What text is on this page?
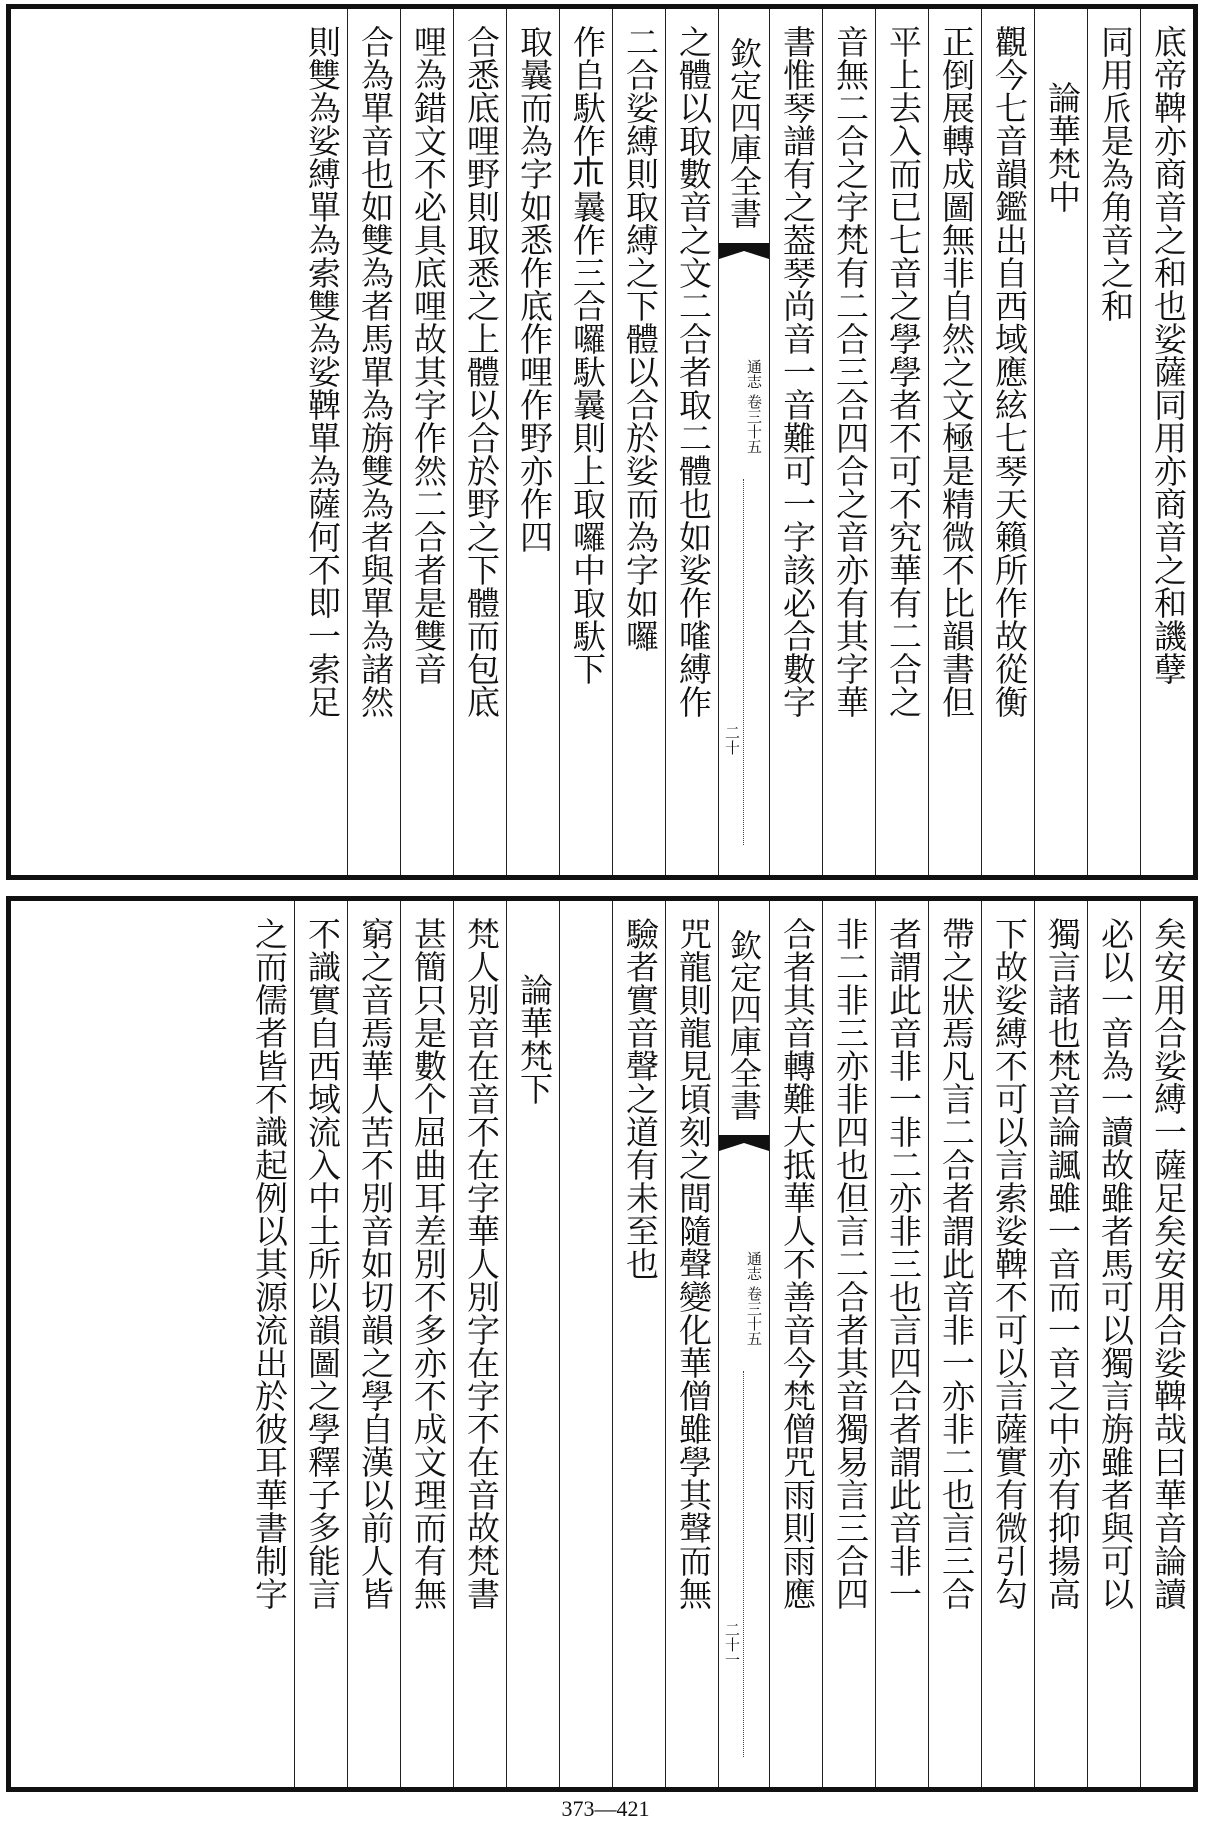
底帝鞞亦商音之和也娑薩同用亦商音之和譏孽
同用𠂢是為角音之和
論華梵中
觀今七音韻鑑出自西域應絃七琴天籟所作故從衡
正倒展轉成圖無非自然之文極是精微不比韻書但
平上去入而已七音之學學者不可不究華有二合之
音無二合之字梵有二合三合四合之音亦有其字華
書惟琴譜有之葢琴尚音一音難可一字該必合數字
欽定四庫全書
通志 卷三十五
二十
之體以取數音之文二合者取二體也如娑作𠻘縛作
二合娑縛則取縛之下體以合於娑而為字如囉
作𠂤馱作𣎳曩作三合囉馱曩則上取囉中取馱下
取曩而為字如悉作底作哩作野亦作四
合悉底哩野則取悉之上體以合於野之下體而包底
哩為錯文不必具底哩故其字作然二合者是雙音
合為單音也如雙為者馬單為旃雙為者與單為諸然
則雙為娑縛單為索雙為娑鞞單為薩何不即一索足
矣安用合娑縛一薩足矣安用合娑鞞哉曰華音論讀
必以一音為一讀故雖者馬可以獨言旃雖者與可以
獨言諸也梵音論諷雖一音而一音之中亦有抑揚高
下故娑縛不可以言索娑鞞不可以言薩實有微引勾
帶之狀焉凡言二合者謂此音非一亦非二也言三合
者謂此音非一非二亦非三也言四合者謂此音非一
非二非三亦非四也但言二合者其音獨易言三合四
合者其音轉難大抵華人不善音今梵僧咒雨則雨應
欽定四庫全書
通志 卷三十五
二十一
咒龍則龍見頃刻之間隨聲變化華僧雖學其聲而無
驗者實音聲之道有未至也
論華梵下
梵人別音在音不在字華人別字在字不在音故梵書
甚簡只是數个屈曲耳差別不多亦不成文理而有無
窮之音焉華人苦不別音如切韻之學自漢以前人皆
不識實自西域流入中土所以韻圖之學釋子多能言
之而儒者皆不識起例以其源流出於彼耳華書制字
373—421
